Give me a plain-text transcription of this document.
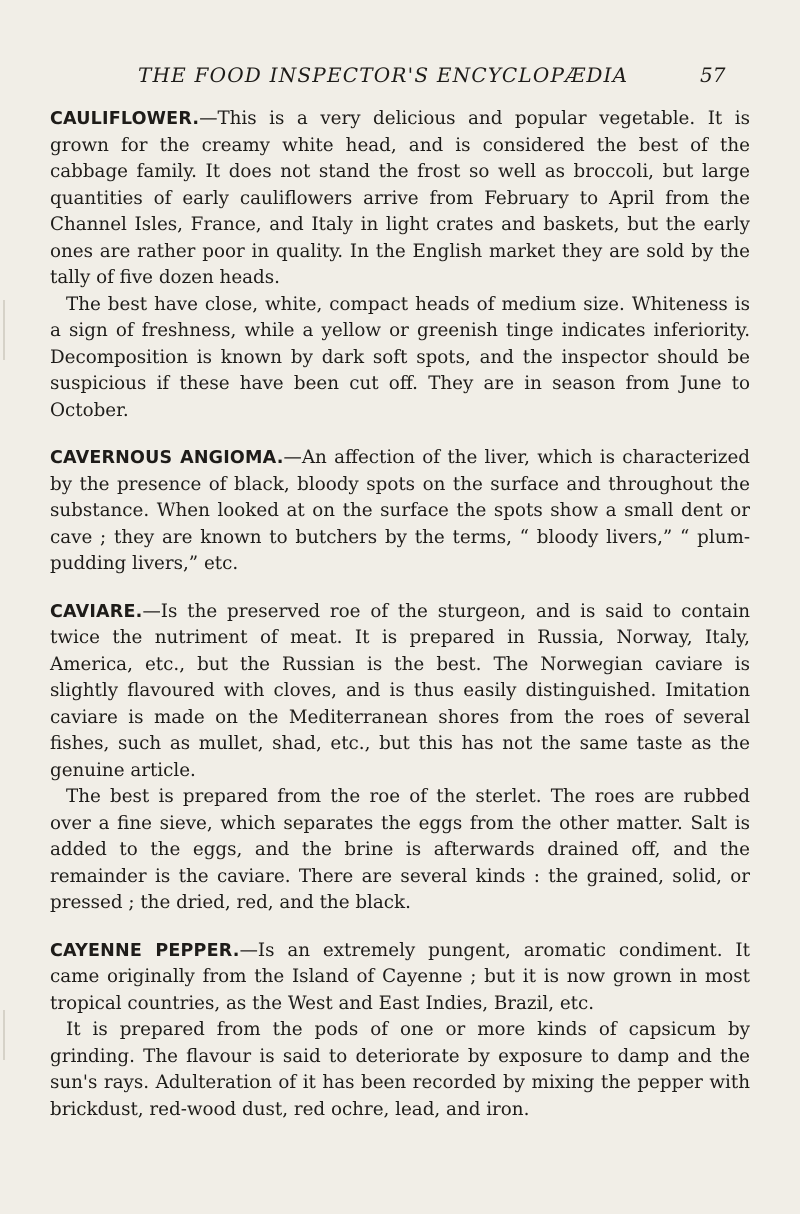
THE FOOD INSPECTOR'S ENCYCLOPÆDIA	57

CAULIFLOWER.—This is a very delicious and popular vegetable. It is grown for the creamy white head, and is considered the best of the cabbage family. It does not stand the frost so well as broccoli, but large quantities of early cauliflowers arrive from February to April from the Channel Isles, France, and Italy in light crates and baskets, but the early ones are rather poor in quality. In the English market they are sold by the tally of five dozen heads.

The best have close, white, compact heads of medium size. Whiteness is a sign of freshness, while a yellow or greenish tinge indicates inferiority. Decomposition is known by dark soft spots, and the inspector should be suspicious if these have been cut off. They are in season from June to October.

CAVERNOUS ANGIOMA.—An affection of the liver, which is characterized by the presence of black, bloody spots on the surface and throughout the substance. When looked at on the surface the spots show a small dent or cave ; they are known to butchers by the terms, “ bloody livers,” “ plum-pudding livers,” etc.

CAVIARE.—Is the preserved roe of the sturgeon, and is said to contain twice the nutriment of meat. It is prepared in Russia, Norway, Italy, America, etc., but the Russian is the best. The Norwegian caviare is slightly flavoured with cloves, and is thus easily distinguished. Imitation caviare is made on the Mediterranean shores from the roes of several fishes, such as mullet, shad, etc., but this has not the same taste as the genuine article.

The best is prepared from the roe of the sterlet. The roes are rubbed over a fine sieve, which separates the eggs from the other matter. Salt is added to the eggs, and the brine is afterwards drained off, and the remainder is the caviare. There are several kinds : the grained, solid, or pressed ; the dried, red, and the black.

CAYENNE PEPPER.—Is an extremely pungent, aromatic condiment. It came originally from the Island of Cayenne ; but it is now grown in most tropical countries, as the West and East Indies, Brazil, etc.

It is prepared from the pods of one or more kinds of capsicum by grinding. The flavour is said to deteriorate by exposure to damp and the sun's rays. Adulteration of it has been recorded by mixing the pepper with brickdust, red-wood dust, red ochre, lead, and iron.
